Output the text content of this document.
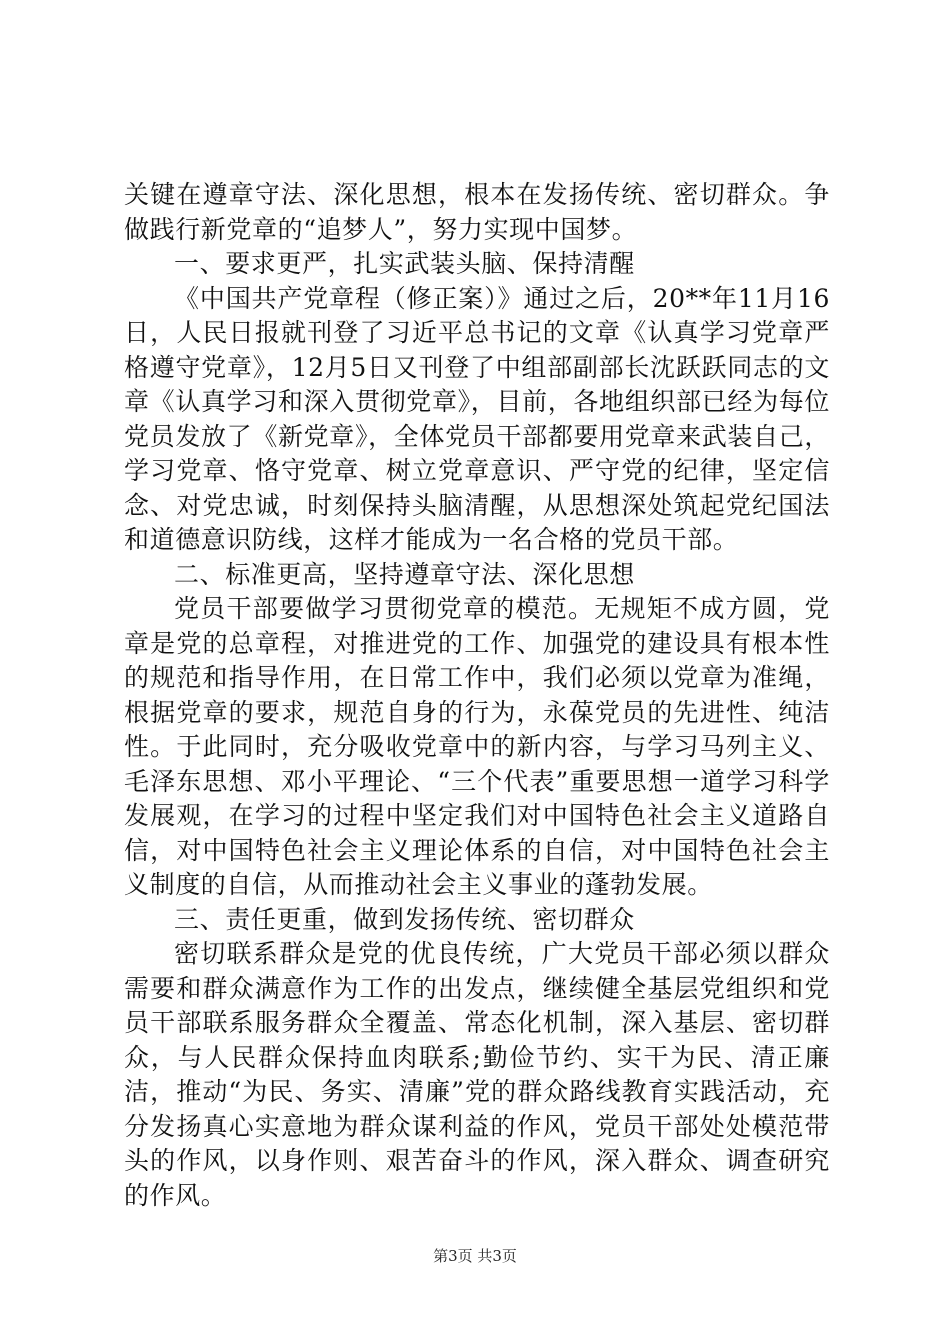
关键在遵章守法、深化思想，根本在发扬传统、密切群众。争做践行新党章的“追梦人”，努力实现中国梦。

一、要求更严，扎实武装头脑、保持清醒

《中国共产党章程（修正案）》通过之后，20**年11月16日，人民日报就刊登了习近平总书记的文章《认真学习党章严格遵守党章》，12月5日又刊登了中组部副部长沈跃跃同志的文章《认真学习和深入贯彻党章》，目前，各地组织部已经为每位党员发放了《新党章》，全体党员干部都要用党章来武装自己，学习党章、恪守党章、树立党章意识、严守党的纪律，坚定信念、对党忠诚，时刻保持头脑清醒，从思想深处筑起党纪国法和道德意识防线，这样才能成为一名合格的党员干部。

二、标准更高，坚持遵章守法、深化思想

党员干部要做学习贯彻党章的模范。无规矩不成方圆，党章是党的总章程，对推进党的工作、加强党的建设具有根本性的规范和指导作用，在日常工作中，我们必须以党章为准绳，根据党章的要求，规范自身的行为，永葆党员的先进性、纯洁性。于此同时，充分吸收党章中的新内容，与学习马列主义、毛泽东思想、邓小平理论、“三个代表”重要思想一道学习科学发展观，在学习的过程中坚定我们对中国特色社会主义道路自信，对中国特色社会主义理论体系的自信，对中国特色社会主义制度的自信，从而推动社会主义事业的蓬勃发展。

三、责任更重，做到发扬传统、密切群众

密切联系群众是党的优良传统，广大党员干部必须以群众需要和群众满意作为工作的出发点，继续健全基层党组织和党员干部联系服务群众全覆盖、常态化机制，深入基层、密切群众，与人民群众保持血肉联系;勤俭节约、实干为民、清正廉洁，推动“为民、务实、清廉”党的群众路线教育实践活动，充分发扬真心实意地为群众谋利益的作风，党员干部处处模范带头的作风，以身作则、艰苦奋斗的作风，深入群众、调查研究的作风。

第3页 共3页
